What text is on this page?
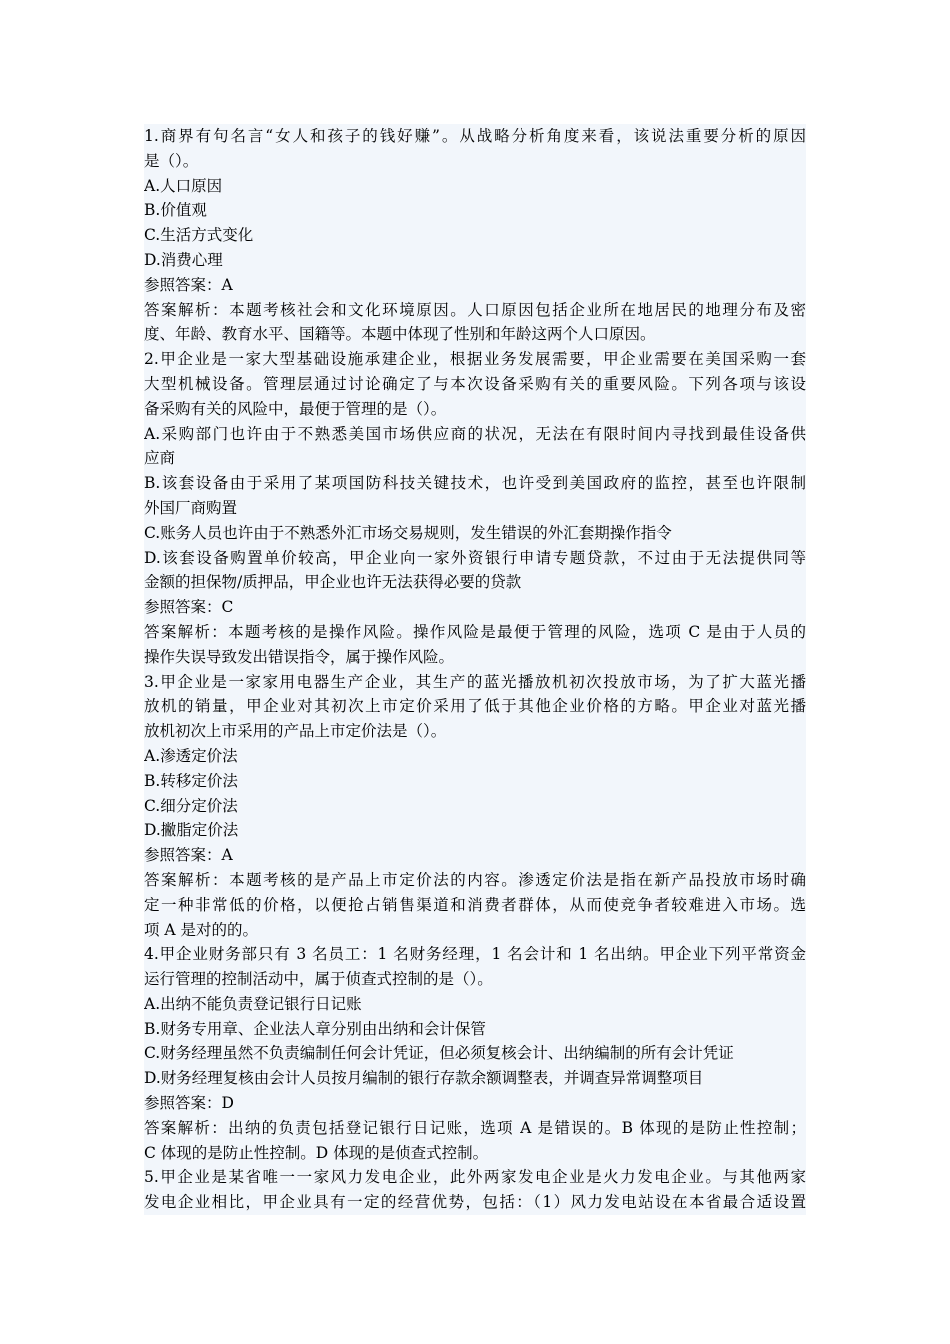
1.商界有句名言“女人和孩子的钱好赚”。从战略分析角度来看，该说法重要分析的原因
是（）。
A.人口原因
B.价值观
C.生活方式变化
D.消费心理
参照答案：A
答案解析：本题考核社会和文化环境原因。人口原因包括企业所在地居民的地理分布及密
度、年龄、教育水平、国籍等。本题中体现了性别和年龄这两个人口原因。
2.甲企业是一家大型基础设施承建企业，根据业务发展需要，甲企业需要在美国采购一套
大型机械设备。管理层通过讨论确定了与本次设备采购有关的重要风险。下列各项与该设
备采购有关的风险中，最便于管理的是（）。
A.采购部门也许由于不熟悉美国市场供应商的状况，无法在有限时间内寻找到最佳设备供
应商
B.该套设备由于采用了某项国防科技关键技术，也许受到美国政府的监控，甚至也许限制
外国厂商购置
C.账务人员也许由于不熟悉外汇市场交易规则，发生错误的外汇套期操作指令
D.该套设备购置单价较高，甲企业向一家外资银行申请专题贷款，不过由于无法提供同等
金额的担保物/质押品，甲企业也许无法获得必要的贷款
参照答案：C
答案解析：本题考核的是操作风险。操作风险是最便于管理的风险，选项 C 是由于人员的
操作失误导致发出错误指令，属于操作风险。
3.甲企业是一家家用电器生产企业，其生产的蓝光播放机初次投放市场，为了扩大蓝光播
放机的销量，甲企业对其初次上市定价采用了低于其他企业价格的方略。甲企业对蓝光播
放机初次上市采用的产品上市定价法是（）。
A.渗透定价法
B.转移定价法
C.细分定价法
D.撇脂定价法
参照答案：A
答案解析：本题考核的是产品上市定价法的内容。渗透定价法是指在新产品投放市场时确
定一种非常低的价格，以便抢占销售渠道和消费者群体，从而使竞争者较难进入市场。选
项 A 是对的的。
4.甲企业财务部只有 3 名员工：1 名财务经理，1 名会计和 1 名出纳。甲企业下列平常资金
运行管理的控制活动中，属于侦查式控制的是（）。
A.出纳不能负责登记银行日记账
B.财务专用章、企业法人章分别由出纳和会计保管
C.财务经理虽然不负责编制任何会计凭证，但必须复核会计、出纳编制的所有会计凭证
D.财务经理复核由会计人员按月编制的银行存款余额调整表，并调查异常调整项目
参照答案：D
答案解析：出纳的负责包括登记银行日记账，选项 A 是错误的。B 体现的是防止性控制；
C 体现的是防止性控制。D 体现的是侦查式控制。
5.甲企业是某省唯一一家风力发电企业，此外两家发电企业是火力发电企业。与其他两家
发电企业相比，甲企业具有一定的经营优势，包括：（1）风力发电站设在本省最合适设置
